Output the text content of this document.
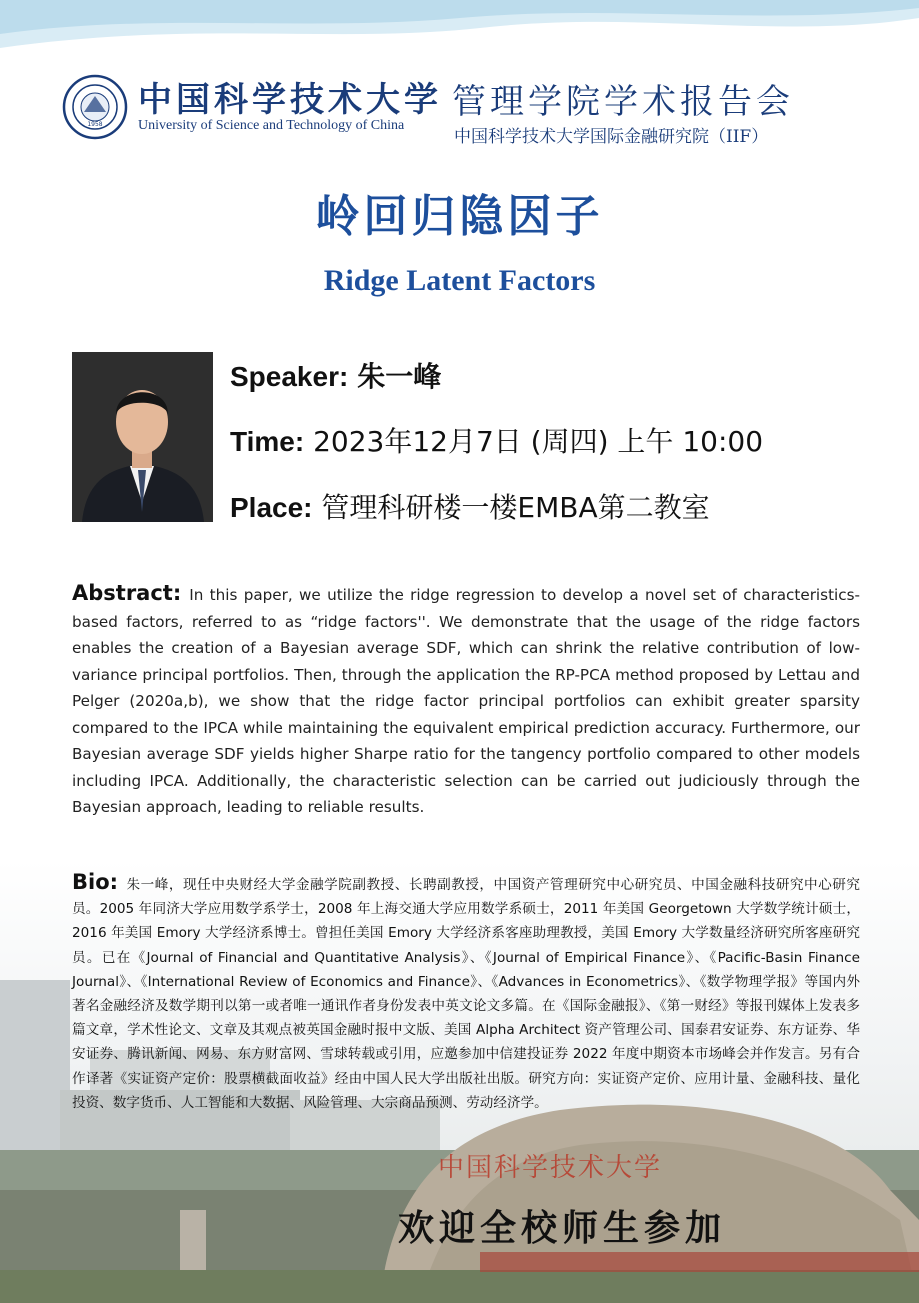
1958
中国科学技术大学
University of Science and Technology of China
管理学院学术报告会
中国科学技术大学国际金融研究院（IIF）
岭回归隐因子
Ridge Latent Factors
Speaker: 朱一峰
Time: 2023年12月7日 (周四) 上午 10:00
Place: 管理科研楼一楼EMBA第二教室
Abstract: In this paper, we utilize the ridge regression to develop a novel set of characteristics-based factors, referred to as “ridge factors''. We demonstrate that the usage of the ridge factors enables the creation of a Bayesian average SDF, which can shrink the relative contribution of low-variance principal portfolios. Then, through the application the RP-PCA method proposed by Lettau and Pelger (2020a,b), we show that the ridge factor principal portfolios can exhibit greater sparsity compared to the IPCA while maintaining the equivalent empirical prediction accuracy. Furthermore, our Bayesian average SDF yields higher Sharpe ratio for the tangency portfolio compared to other models including IPCA. Additionally, the characteristic selection can be carried out judiciously through the Bayesian approach, leading to reliable results.
Bio: 朱一峰，现任中央财经大学金融学院副教授、长聘副教授，中国资产管理研究中心研究员、中国金融科技研究中心研究员。2005 年同济大学应用数学系学士，2008 年上海交通大学应用数学系硕士，2011 年美国 Georgetown 大学数学统计硕士，2016 年美国 Emory 大学经济系博士。曾担任美国 Emory 大学经济系客座助理教授，美国 Emory 大学数量经济研究所客座研究员。已在《Journal of Financial and Quantitative Analysis》、《Journal of Empirical Finance》、《Pacific-Basin Finance Journal》、《International Review of Economics and Finance》、《Advances in Econometrics》、《数学物理学报》等国内外著名金融经济及数学期刊以第一或者唯一通讯作者身份发表中英文论文多篇。在《国际金融报》、《第一财经》等报刊媒体上发表多篇文章，学术性论文、文章及其观点被英国金融时报中文版、美国 Alpha Architect 资产管理公司、国泰君安证券、东方证券、华安证券、腾讯新闻、网易、东方财富网、雪球转载或引用，应邀参加中信建投证券 2022 年度中期资本市场峰会并作发言。另有合作译著《实证资产定价：股票横截面收益》经由中国人民大学出版社出版。研究方向：实证资产定价、应用计量、金融科技、量化投资、数字货币、人工智能和大数据、风险管理、大宗商品预测、劳动经济学。
中国科学技术大学
欢迎全校师生参加
